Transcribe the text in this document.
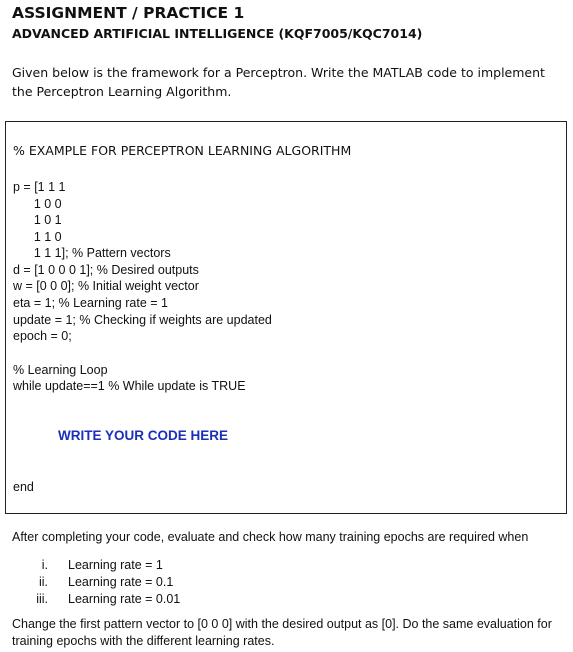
ASSIGNMENT / PRACTICE 1
ADVANCED ARTIFICIAL INTELLIGENCE (KQF7005/KQC7014)
Given below is the framework for a Perceptron. Write the MATLAB code to implement the Perceptron Learning Algorithm.
% EXAMPLE FOR PERCEPTRON LEARNING ALGORITHM
p = [1 1 1
1 0 0
1 0 1
1 1 0
1 1 1]; % Pattern vectors
d = [1 0 0 0 1]; % Desired outputs
w = [0 0 0]; % Initial weight vector
eta = 1; % Learning rate = 1
update = 1; % Checking if weights are updated
epoch = 0;
% Learning Loop
while update==1 % While update is TRUE
WRITE YOUR CODE HERE
end
After completing your code, evaluate and check how many training epochs are required when
i. Learning rate = 1
ii. Learning rate = 0.1
iii. Learning rate = 0.01
Change the first pattern vector to [0 0 0] with the desired output as [0]. Do the same evaluation for training epochs with the different learning rates.
